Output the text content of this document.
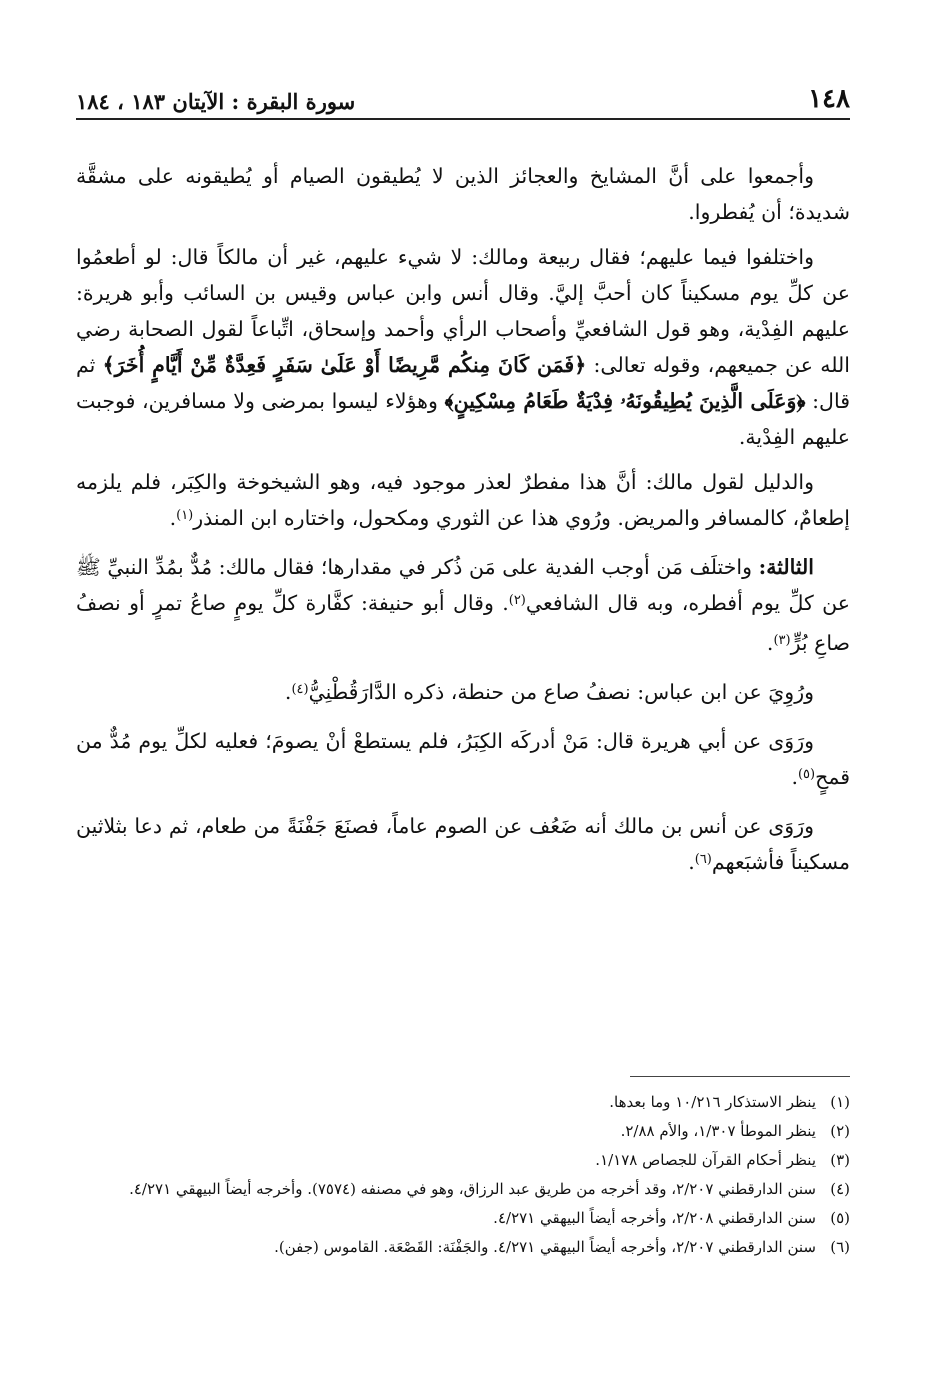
١٤٨
سورة البقرة : الآيتان ١٨٣ ، ١٨٤

وأجمعوا على أنَّ المشايخ والعجائز الذين لا يُطيقون الصيام أو يُطيقونه على مشقَّة شديدة؛ أن يُفطروا.

واختلفوا فيما عليهم؛ فقال ربيعة ومالك: لا شيء عليهم، غير أن مالكاً قال: لو أطعمُوا عن كلِّ يوم مسكيناً كان أحبَّ إليَّ. وقال أنس وابن عباس وقيس بن السائب وأبو هريرة: عليهم الفِدْية، وهو قول الشافعيِّ وأصحاب الرأي وأحمد وإسحاق، اتِّباعاً لقول الصحابة رضي الله عن جميعهم، وقوله تعالى: ﴿فَمَن كَانَ مِنكُم مَّرِيضًا أَوْ عَلَىٰ سَفَرٍ فَعِدَّةٌ مِّنْ أَيَّامٍ أُخَرَ﴾ ثم قال: ﴿وَعَلَى الَّذِينَ يُطِيقُونَهُۥ فِدْيَةٌ طَعَامُ مِسْكِينٍ﴾ وهؤلاء ليسوا بمرضى ولا مسافرين، فوجبت عليهم الفِدْية.

والدليل لقول مالك: أنَّ هذا مفطرٌ لعذر موجود فيه، وهو الشيخوخة والكِبَر، فلم يلزمه إطعامٌ، كالمسافر والمريض. ورُوي هذا عن الثوري ومكحول، واختاره ابن المنذر$^{(١)}$.

الثالثة: واختلَف مَن أوجب الفدية على مَن ذُكر في مقدارها؛ فقال مالك: مُدٌّ بمُدِّ النبيِّ ﷺ عن كلِّ يوم أفطره، وبه قال الشافعي$^{(٢)}$. وقال أبو حنيفة: كفَّارة كلِّ يومٍ صاعُ تمرٍ أو نصفُ صاعِ بُرٍّ$^{(٣)}$.

ورُوِيَ عن ابن عباس: نصفُ صاع من حنطة، ذكره الدَّارَقُطْنِيُّ$^{(٤)}$.

ورَوَى عن أبي هريرة قال: مَنْ أدركَه الكِبَرُ، فلم يستطعْ أنْ يصومَ؛ فعليه لكلِّ يوم مُدٌّ من قمحٍ$^{(٥)}$.

ورَوَى عن أنس بن مالك أنه ضَعُف عن الصوم عاماً، فصنَعَ جَفْنَةً من طعام، ثم دعا بثلاثين مسكيناً فأشبَعهم$^{(٦)}$.

(١)
ينظر الاستذكار ١٠/٢١٦ وما بعدها.
(٢)
ينظر الموطأ ١/٣٠٧، والأم ٢/٨٨.
(٣)
ينظر أحكام القرآن للجصاص ١/١٧٨.
(٤)
سنن الدارقطني ٢/٢٠٧، وقد أخرجه من طريق عبد الرزاق، وهو في مصنفه (٧٥٧٤). وأخرجه أيضاً البيهقي ٤/٢٧١.
(٥)
سنن الدارقطني ٢/٢٠٨، وأخرجه أيضاً البيهقي ٤/٢٧١.
(٦)
سنن الدارقطني ٢/٢٠٧، وأخرجه أيضاً البيهقي ٤/٢٧١. والجَفْنَة: القَصْعَة. القاموس (جفن).
